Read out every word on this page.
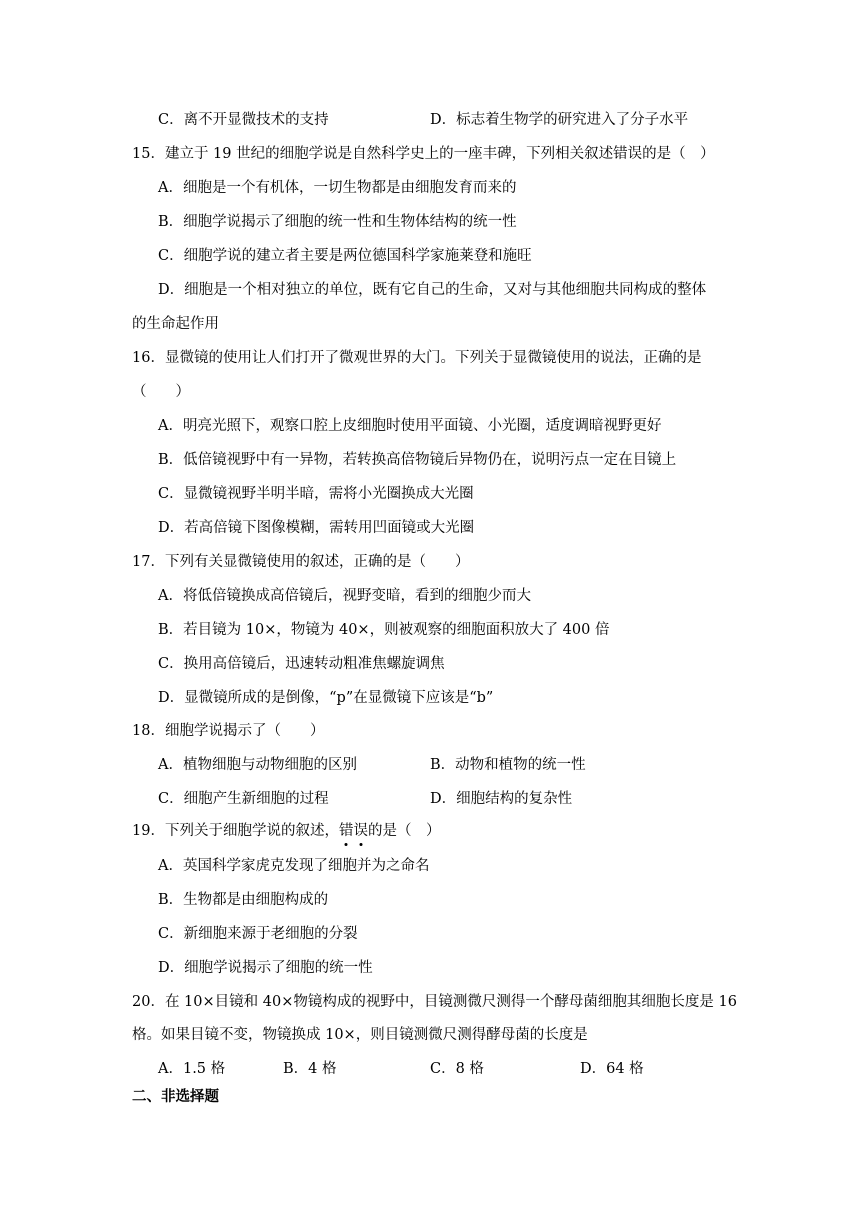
C．离不开显微技术的支持	D．标志着生物学的研究进入了分子水平
15．建立于 19 世纪的细胞学说是自然科学史上的一座丰碑，下列相关叙述错误的是（　）
A．细胞是一个有机体，一切生物都是由细胞发育而来的
B．细胞学说揭示了细胞的统一性和生物体结构的统一性
C．细胞学说的建立者主要是两位德国科学家施莱登和施旺
D．细胞是一个相对独立的单位，既有它自己的生命，又对与其他细胞共同构成的整体
的生命起作用
16．显微镜的使用让人们打开了微观世界的大门。下列关于显微镜使用的说法，正确的是
（　　）
A．明亮光照下，观察口腔上皮细胞时使用平面镜、小光圈，适度调暗视野更好
B．低倍镜视野中有一异物，若转换高倍物镜后异物仍在，说明污点一定在目镜上
C．显微镜视野半明半暗，需将小光圈换成大光圈
D．若高倍镜下图像模糊，需转用凹面镜或大光圈
17．下列有关显微镜使用的叙述，正确的是（　　）
A．将低倍镜换成高倍镜后，视野变暗，看到的细胞少而大
B．若目镜为 10×，物镜为 40×，则被观察的细胞面积放大了 400 倍
C．换用高倍镜后，迅速转动粗准焦螺旋调焦
D．显微镜所成的是倒像，“p”在显微镜下应该是“b”
18．细胞学说揭示了（　　）
A．植物细胞与动物细胞的区别	B．动物和植物的统一性
C．细胞产生新细胞的过程	D．细胞结构的复杂性
19．下列关于细胞学说的叙述，错
误
的是（　）
A．英国科学家虎克发现了细胞并为之命名
B．生物都是由细胞构成的
C．新细胞来源于老细胞的分裂
D．细胞学说揭示了细胞的统一性
20．在 10×目镜和 40×物镜构成的视野中，目镜测微尺测得一个酵母菌细胞其细胞长度是 16
格。如果目镜不变，物镜换成 10×，则目镜测微尺测得酵母菌的长度是
A．1.5 格	B．4 格	C．8 格	D．64 格
二、非选择题
